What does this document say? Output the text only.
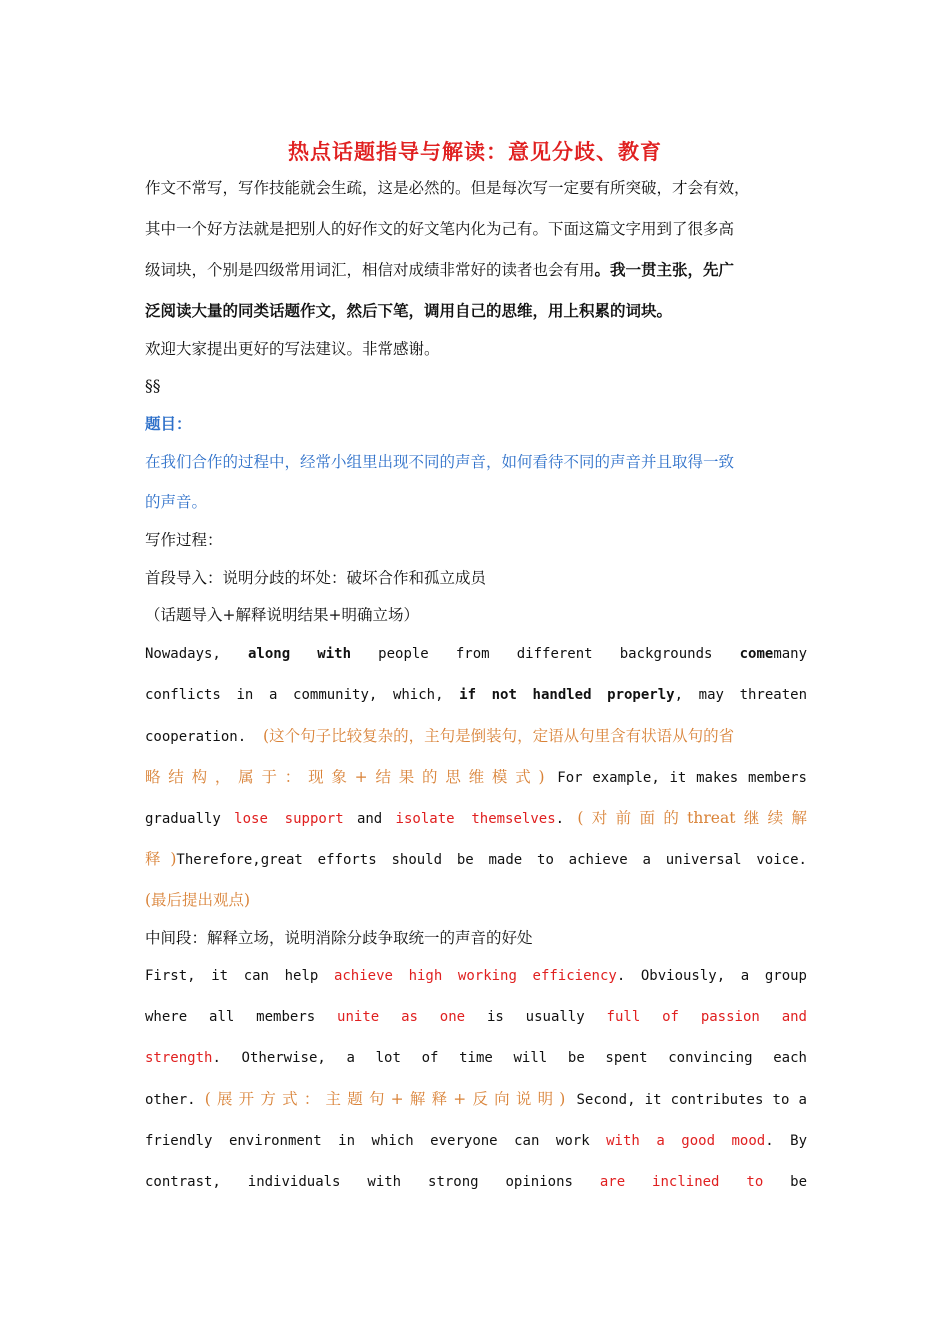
热点话题指导与解读：意见分歧、教育
作文不常写，写作技能就会生疏，这是必然的。但是每次写一定要有所突破，才会有效，
其中一个好方法就是把别人的好作文的好文笔内化为己有。下面这篇文字用到了很多高
级词块，个别是四级常用词汇，相信对成绩非常好的读者也会有用。我一贯主张，先广
泛阅读大量的同类话题作文，然后下笔，调用自己的思维，用上积累的词块。
欢迎大家提出更好的写法建议。非常感谢。
§§
题目：
在我们合作的过程中，经常小组里出现不同的声音，如何看待不同的声音并且取得一致
的声音。
写作过程：
首段导入：说明分歧的坏处：破坏合作和孤立成员
（话题导入+解释说明结果+明确立场）
Nowadays, along with people from different backgrounds comemany
conflicts in a community, which, if not handled properly, may threaten
cooperation. (这个句子比较复杂的，主句是倒装句，定语从句里含有状语从句的省
略结构，属于：现象+结果的思维模式) For example, it makes members
gradually lose support and isolate themselves. (对前面的threat继续解
释)Therefore,great efforts should be made to achieve a universal voice.
(最后提出观点)
中间段：解释立场，说明消除分歧争取统一的声音的好处
First, it can help achieve high working efficiency. Obviously, a group
where all members unite as one is usually full of passion and
strength. Otherwise, a lot of time will be spent convincing each
other. (展开方式：主题句+解释+反向说明) Second, it contributes to a
friendly environment in which everyone can work with a good mood. By
contrast, individuals with strong opinions are inclined to be
